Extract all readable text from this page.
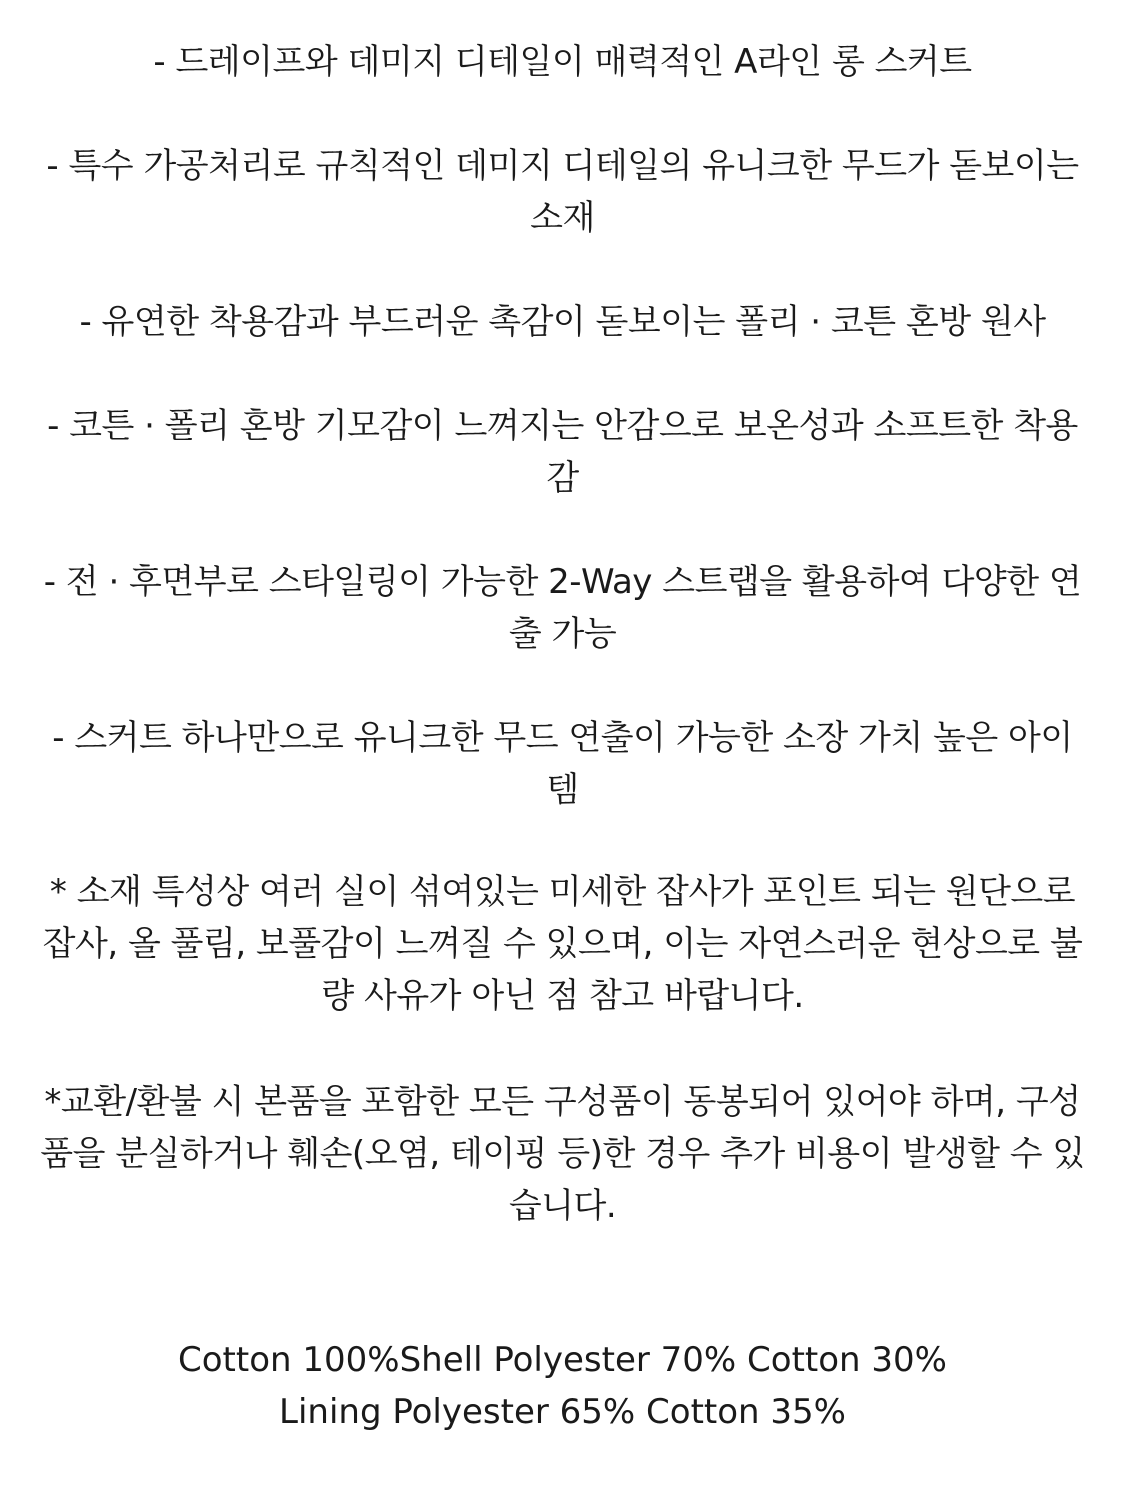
- 드레이프와 데미지 디테일이 매력적인 A라인 롱 스커트

- 특수 가공처리로 규칙적인 데미지 디테일의 유니크한 무드가 돋보이는 소재

- 유연한 착용감과 부드러운 촉감이 돋보이는 폴리 · 코튼 혼방 원사

- 코튼 · 폴리 혼방 기모감이 느껴지는 안감으로 보온성과 소프트한 착용감

- 전 · 후면부로 스타일링이 가능한 2-Way 스트랩을 활용하여 다양한 연출 가능

- 스커트 하나만으로 유니크한 무드 연출이 가능한 소장 가치 높은 아이템

* 소재 특성상 여러 실이 섞여있는 미세한 잡사가 포인트 되는 원단으로 잡사, 올 풀림, 보풀감이 느껴질 수 있으며, 이는 자연스러운 현상으로 불량 사유가 아닌 점 참고 바랍니다.

*교환/환불 시 본품을 포함한 모든 구성품이 동봉되어 있어야 하며, 구성품을 분실하거나 훼손(오염, 테이핑 등)한 경우 추가 비용이 발생할 수 있습니다.

Cotton 100%Shell Polyester 70% Cotton 30%
Lining Polyester 65% Cotton 35%
